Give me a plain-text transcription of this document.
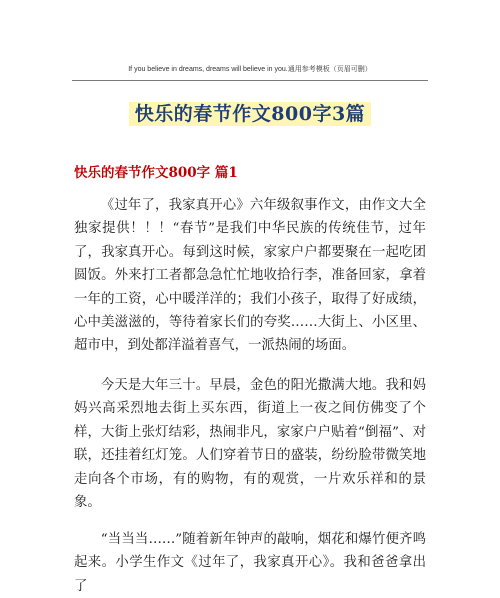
If you believe in dreams, dreams will believe in you.通用参考模板（页眉可删）
快乐的春节作文800字3篇
快乐的春节作文800字 篇1

《过年了，我家真开心》六年级叙事作文，由作文大全独家提供！！！“春节”是我们中华民族的传统佳节，过年了，我家真开心。每到这时候，家家户户都要聚在一起吃团圆饭。外来打工者都急急忙忙地收拾行李，准备回家，拿着一年的工资，心中暖洋洋的；我们小孩子，取得了好成绩，心中美滋滋的，等待着家长们的夸奖……大街上、小区里、超市中，到处都洋溢着喜气，一派热闹的场面。

今天是大年三十。早晨，金色的阳光撒满大地。我和妈妈兴高采烈地去街上买东西，街道上一夜之间仿佛变了个样，大街上张灯结彩，热闹非凡，家家户户贴着“倒福”、对联，还挂着红灯笼。人们穿着节日的盛装，纷纷脸带微笑地走向各个市场，有的购物，有的观赏，一片欢乐祥和的景象。

“当当当……”随着新年钟声的敲响，烟花和爆竹便齐鸣起来。小学生作文《过年了，我家真开心》。我和爸爸拿出了
